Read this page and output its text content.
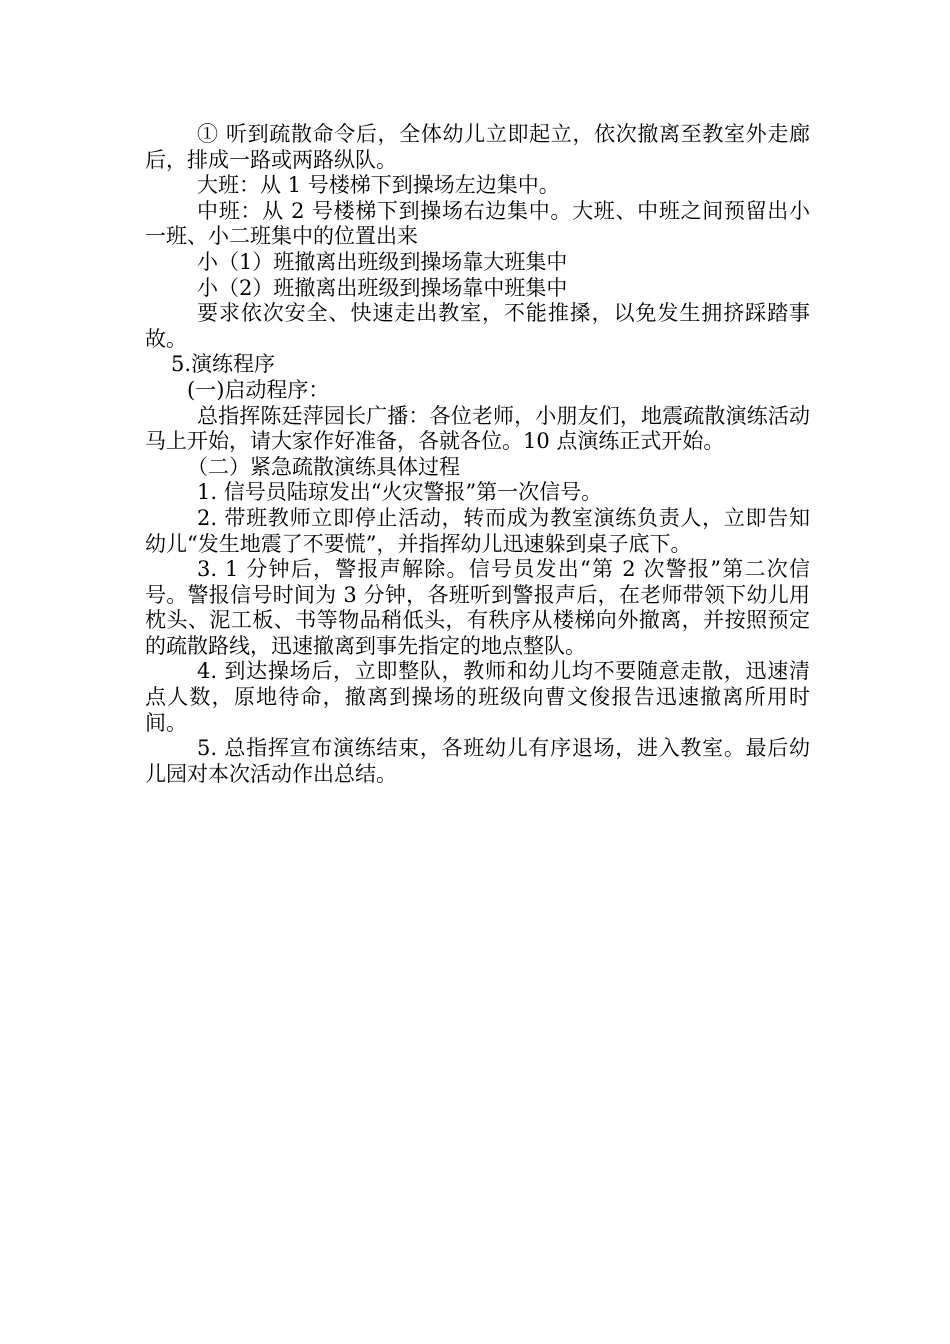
① 听到疏散命令后，全体幼儿立即起立，依次撤离至教室外走廊后，排成一路或两路纵队。

大班：从 1 号楼梯下到操场左边集中。

中班：从 2 号楼梯下到操场右边集中。大班、中班之间预留出小一班、小二班集中的位置出来

小（1）班撤离出班级到操场靠大班集中

小（2）班撤离出班级到操场靠中班集中

要求依次安全、快速走出教室，不能推搡，以免发生拥挤踩踏事故。

5.演练程序

(一)启动程序：

总指挥陈廷萍园长广播：各位老师，小朋友们，地震疏散演练活动马上开始，请大家作好准备，各就各位。10 点演练正式开始。

（二）紧急疏散演练具体过程

1. 信号员陆琼发出“火灾警报”第一次信号。

2. 带班教师立即停止活动，转而成为教室演练负责人，立即告知幼儿“发生地震了不要慌”，并指挥幼儿迅速躲到桌子底下。

3. 1 分钟后，警报声解除。信号员发出“第 2 次警报”第二次信号。警报信号时间为 3 分钟，各班听到警报声后，在老师带领下幼儿用枕头、泥工板、书等物品稍低头，有秩序从楼梯向外撤离，并按照预定的疏散路线，迅速撤离到事先指定的地点整队。

4. 到达操场后，立即整队，教师和幼儿均不要随意走散，迅速清点人数，原地待命，撤离到操场的班级向曹文俊报告迅速撤离所用时间。

5. 总指挥宣布演练结束，各班幼儿有序退场，进入教室。最后幼儿园对本次活动作出总结。
